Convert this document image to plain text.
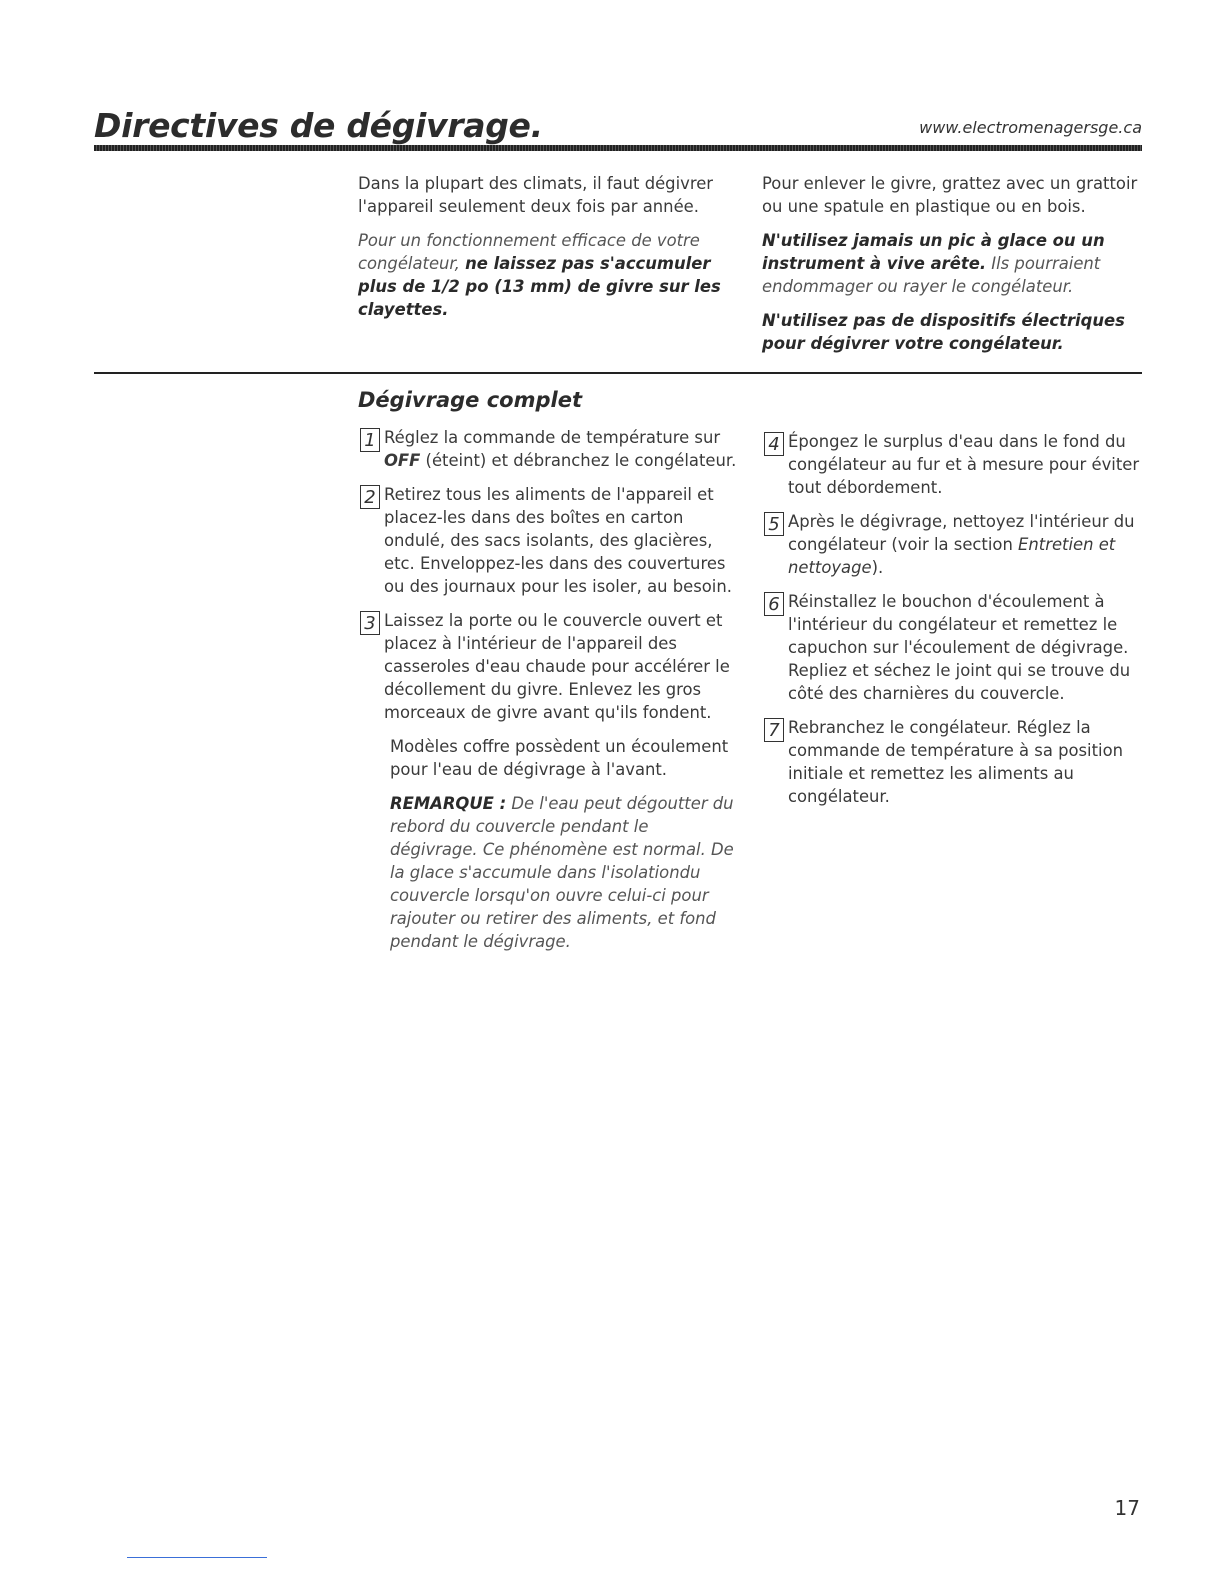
Directives de dégivrage.	www.electromenagersge.ca

Dans la plupart des climats, il faut dégivrer l'appareil seulement deux fois par année.

Pour un fonctionnement efficace de votre congélateur, ne laissez pas s'accumuler plus de 1/2 po (13 mm) de givre sur les clayettes.

Pour enlever le givre, grattez avec un grattoir ou une spatule en plastique ou en bois.

N'utilisez jamais un pic à glace ou un instrument à vive arête. Ils pourraient endommager ou rayer le congélateur.

N'utilisez pas de dispositifs électriques pour dégivrer votre congélateur.

Dégivrage complet
1 Réglez la commande de température sur OFF (éteint) et débranchez le congélateur.
2 Retirez tous les aliments de l'appareil et placez-les dans des boîtes en carton ondulé, des sacs isolants, des glacières, etc. Enveloppez-les dans des couvertures ou des journaux pour les isoler, au besoin.
3 Laissez la porte ou le couvercle ouvert et placez à l'intérieur de l'appareil des casseroles d'eau chaude pour accélérer le décollement du givre. Enlevez les gros morceaux de givre avant qu'ils fondent.
Modèles coffre possèdent un écoulement pour l'eau de dégivrage à l'avant.
REMARQUE : De l'eau peut dégoutter du rebord du couvercle pendant le dégivrage. Ce phénomène est normal. De la glace s'accumule dans l'isolationdu couvercle lorsqu'on ouvre celui-ci pour rajouter ou retirer des aliments, et fond pendant le dégivrage.
4 Épongez le surplus d'eau dans le fond du congélateur au fur et à mesure pour éviter tout débordement.
5 Après le dégivrage, nettoyez l'intérieur du congélateur (voir la section Entretien et nettoyage).
6 Réinstallez le bouchon d'écoulement à l'intérieur du congélateur et remettez le capuchon sur l'écoulement de dégivrage. Repliez et séchez le joint qui se trouve du côté des charnières du couvercle.
7 Rebranchez le congélateur. Réglez la commande de température à sa position initiale et remettez les aliments au congélateur.
17
